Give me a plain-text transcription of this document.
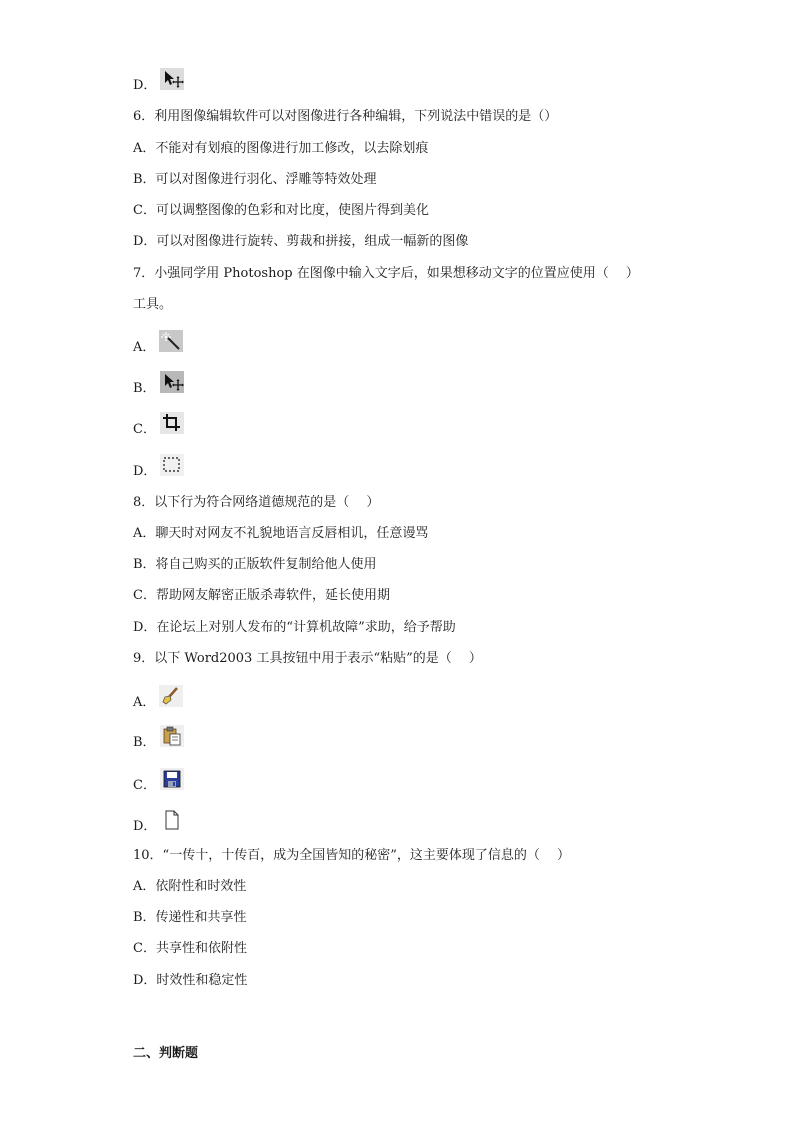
D．
6．利用图像编辑软件可以对图像进行各种编辑，下列说法中错误的是（）
A．不能对有划痕的图像进行加工修改，以去除划痕
B．可以对图像进行羽化、浮雕等特效处理
C．可以调整图像的色彩和对比度，使图片得到美化
D．可以对图像进行旋转、剪裁和拼接，组成一幅新的图像
7．小强同学用 Photoshop 在图像中输入文字后，如果想移动文字的位置应使用（　 ）
工具。
A．
B．
C．
D．
8．以下行为符合网络道德规范的是（　 ）
A．聊天时对网友不礼貌地语言反唇相讥，任意谩骂
B．将自己购买的正版软件复制给他人使用
C．帮助网友解密正版杀毒软件，延长使用期
D．在论坛上对别人发布的“计算机故障”求助，给予帮助
9．以下 Word2003 工具按钮中用于表示“粘贴”的是（　 ）
A．
B．
C．
D．
10．“一传十，十传百，成为全国皆知的秘密”，这主要体现了信息的（　 ）
A．依附性和时效性
B．传递性和共享性
C．共享性和依附性
D．时效性和稳定性
二、判断题
